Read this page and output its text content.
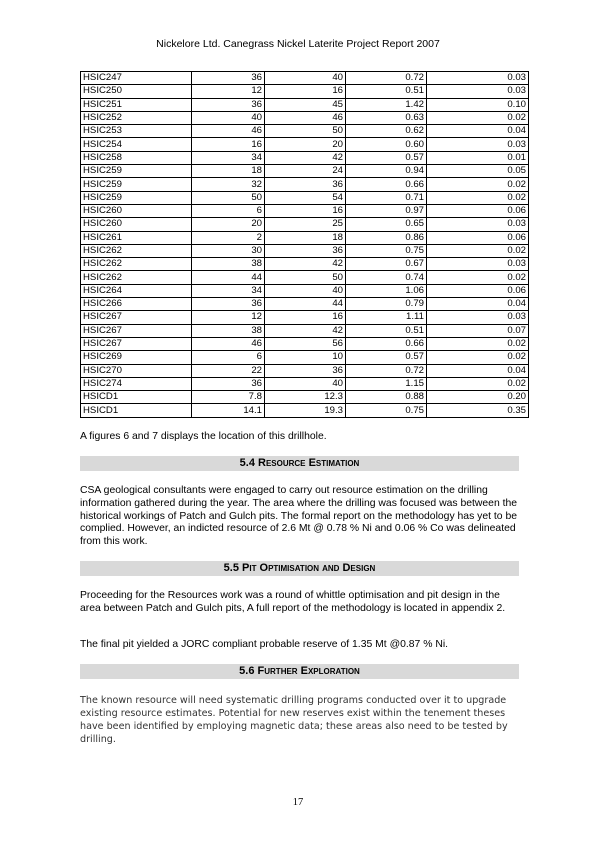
Nickelore Ltd. Canegrass Nickel Laterite Project Report 2007
HSIC247	36	40	0.72	0.03
HSIC250	12	16	0.51	0.03
HSIC251	36	45	1.42	0.10
HSIC252	40	46	0.63	0.02
HSIC253	46	50	0.62	0.04
HSIC254	16	20	0.60	0.03
HSIC258	34	42	0.57	0.01
HSIC259	18	24	0.94	0.05
HSIC259	32	36	0.66	0.02
HSIC259	50	54	0.71	0.02
HSIC260	6	16	0.97	0.06
HSIC260	20	25	0.65	0.03
HSIC261	2	18	0.86	0.06
HSIC262	30	36	0.75	0.02
HSIC262	38	42	0.67	0.03
HSIC262	44	50	0.74	0.02
HSIC264	34	40	1.06	0.06
HSIC266	36	44	0.79	0.04
HSIC267	12	16	1.11	0.03
HSIC267	38	42	0.51	0.07
HSIC267	46	56	0.66	0.02
HSIC269	6	10	0.57	0.02
HSIC270	22	36	0.72	0.04
HSIC274	36	40	1.15	0.02
HSICD1	7.8	12.3	0.88	0.20
HSICD1	14.1	19.3	0.75	0.35
A figures 6 and 7 displays the location of this drillhole.
5.4 Resource Estimation
CSA geological consultants were engaged to carry out resource estimation on the drilling information gathered during the year. The area where the drilling was focused was between the historical workings of Patch and Gulch pits. The formal report on the methodology has yet to be complied. However, an indicted resource of 2.6 Mt @ 0.78 % Ni and 0.06 % Co was delineated from this work.
5.5 Pit Optimisation and Design
Proceeding for the Resources work was a round of whittle optimisation and pit design in the area between Patch and Gulch pits, A full report of the methodology is located in appendix 2.
The final pit yielded a JORC compliant probable reserve of 1.35 Mt @0.87 % Ni.
5.6 Further Exploration
The known resource will need systematic drilling programs conducted over it to upgrade existing resource estimates. Potential for new reserves exist within the tenement theses have been identified by employing magnetic data; these areas also need to be tested by drilling.
17
